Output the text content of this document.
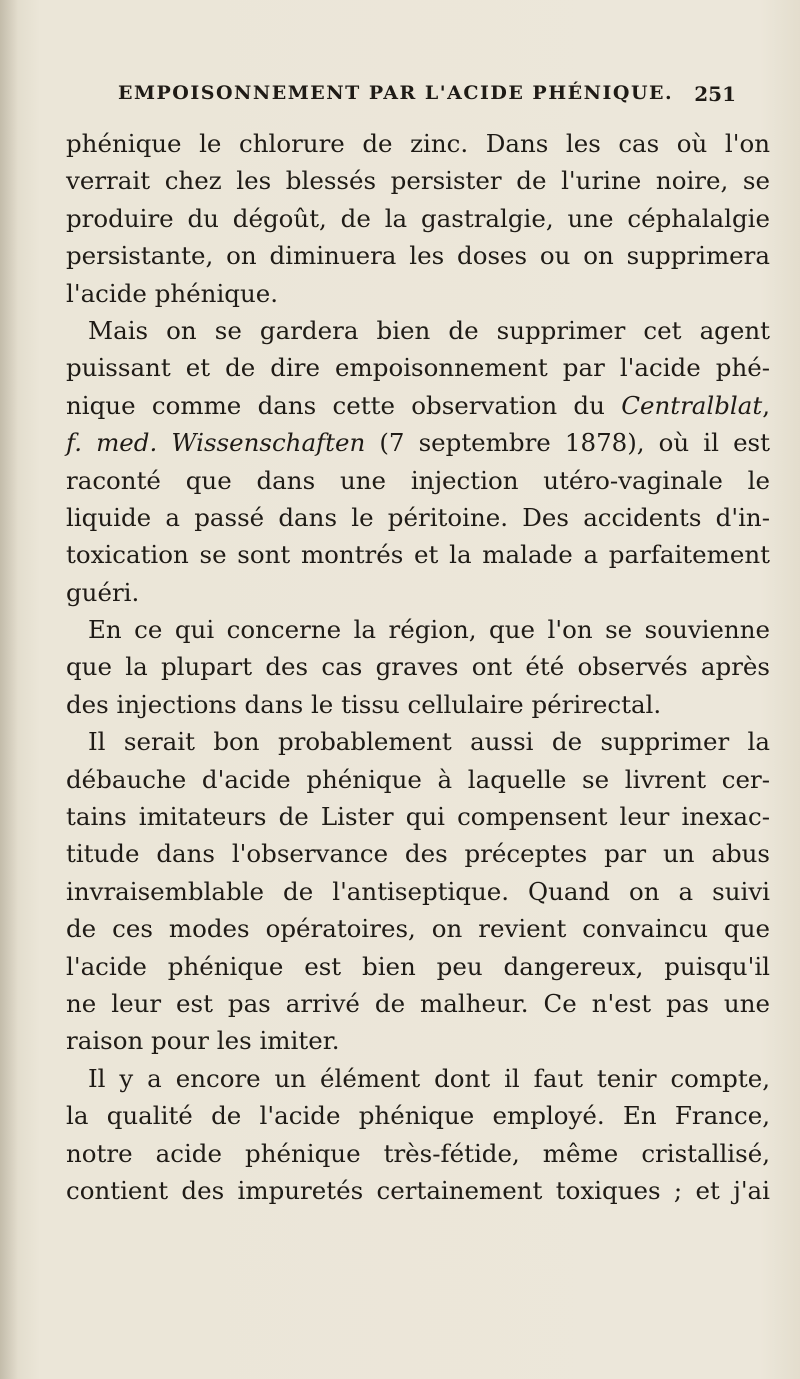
EMPOISONNEMENT PAR L'ACIDE PHÉNIQUE. 251
phénique le chlorure de zinc. Dans les cas où l'on
verrait chez les blessés persister de l'urine noire, se
produire du dégoût, de la gastralgie, une céphalalgie
persistante, on diminuera les doses ou on supprimera
l'acide phénique.
Mais on se gardera bien de supprimer cet agent
puissant et de dire empoisonnement par l'acide phé-
nique comme dans cette observation du Centralblat,
f. med. Wissenschaften (7 septembre 1878), où il est
raconté que dans une injection utéro-vaginale le
liquide a passé dans le péritoine. Des accidents d'in-
toxication se sont montrés et la malade a parfaitement
guéri.
En ce qui concerne la région, que l'on se souvienne
que la plupart des cas graves ont été observés après
des injections dans le tissu cellulaire périrectal.
Il serait bon probablement aussi de supprimer la
débauche d'acide phénique à laquelle se livrent cer-
tains imitateurs de Lister qui compensent leur inexac-
titude dans l'observance des préceptes par un abus
invraisemblable de l'antiseptique. Quand on a suivi
de ces modes opératoires, on revient convaincu que
l'acide phénique est bien peu dangereux, puisqu'il
ne leur est pas arrivé de malheur. Ce n'est pas une
raison pour les imiter.
Il y a encore un élément dont il faut tenir compte,
la qualité de l'acide phénique employé. En France,
notre acide phénique très-fétide, même cristallisé,
contient des impuretés certainement toxiques ; et j'ai
